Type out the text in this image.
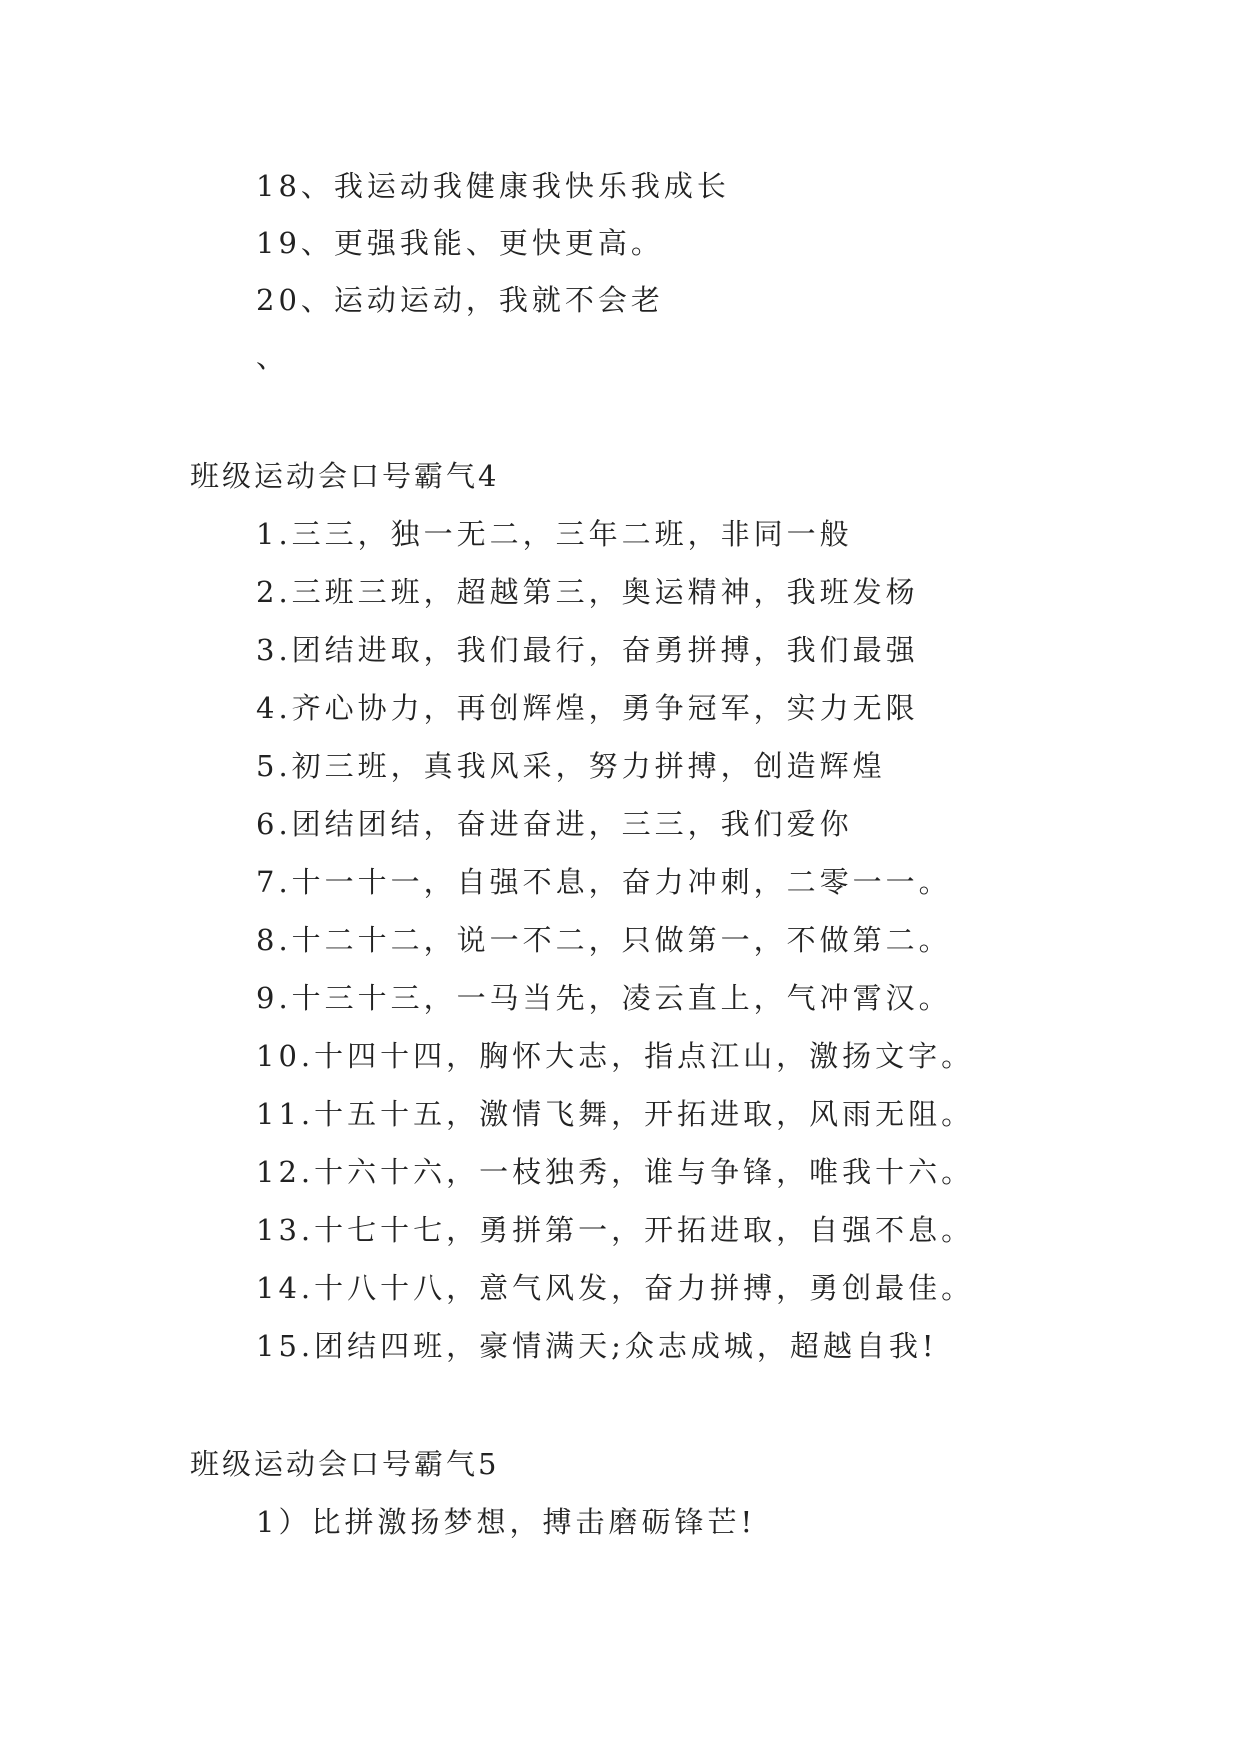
18、我运动我健康我快乐我成长
19、更强我能、更快更高。
20、运动运动，我就不会老
、
班级运动会口号霸气4
1.三三，独一无二，三年二班，非同一般
2.三班三班，超越第三，奥运精神，我班发杨
3.团结进取，我们最行，奋勇拼搏，我们最强
4.齐心协力，再创辉煌，勇争冠军，实力无限
5.初三班，真我风采，努力拼搏，创造辉煌
6.团结团结，奋进奋进，三三，我们爱你
7.十一十一，自强不息，奋力冲刺，二零一一。
8.十二十二，说一不二，只做第一，不做第二。
9.十三十三，一马当先，凌云直上，气冲霄汉。
10.十四十四，胸怀大志，指点江山，激扬文字。
11.十五十五，激情飞舞，开拓进取，风雨无阻。
12.十六十六，一枝独秀，谁与争锋，唯我十六。
13.十七十七，勇拼第一，开拓进取，自强不息。
14.十八十八，意气风发，奋力拼搏，勇创最佳。
15.团结四班，豪情满天;众志成城，超越自我!
班级运动会口号霸气5
1）比拼激扬梦想，搏击磨砺锋芒!
